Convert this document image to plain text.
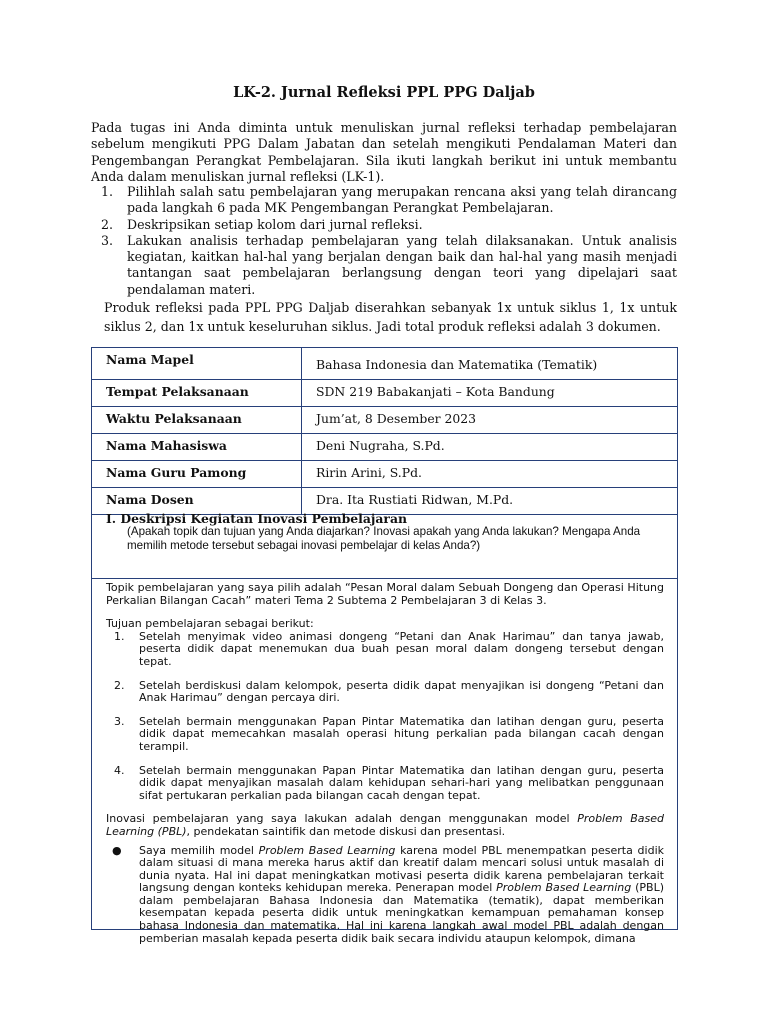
LK-2. Jurnal Refleksi PPL PPG Daljab

Pada tugas ini Anda diminta untuk menuliskan jurnal refleksi terhadap pembelajaran sebelum mengikuti PPG Dalam Jabatan dan setelah mengikuti Pendalaman Materi dan Pengembangan Perangkat Pembelajaran. Sila ikuti langkah berikut ini untuk membantu Anda dalam menuliskan jurnal refleksi (LK-1).

1. Pilihlah salah satu pembelajaran yang merupakan rencana aksi yang telah dirancang pada langkah 6 pada MK Pengembangan Perangkat Pembelajaran.
2. Deskripsikan setiap kolom dari jurnal refleksi.
3. Lakukan analisis terhadap pembelajaran yang telah dilaksanakan. Untuk analisis kegiatan, kaitkan hal-hal yang berjalan dengan baik dan hal-hal yang masih menjadi tantangan saat pembelajaran berlangsung dengan teori yang dipelajari saat pendalaman materi.

Produk refleksi pada PPL PPG Daljab diserahkan sebanyak 1x untuk siklus 1, 1x untuk siklus 2, dan 1x untuk keseluruhan siklus. Jadi total produk refleksi adalah 3 dokumen.

Nama Mapel	Bahasa Indonesia dan Matematika (Tematik)
Tempat Pelaksanaan	SDN 219 Babakanjati – Kota Bandung
Waktu Pelaksanaan	Jum’at, 8 Desember 2023
Nama Mahasiswa	Deni Nugraha, S.Pd.
Nama Guru Pamong	Ririn Arini, S.Pd.
Nama Dosen	Dra. Ita Rustiati Ridwan, M.Pd.
I. Deskripsi Kegiatan Inovasi Pembelajaran
(Apakah topik dan tujuan yang Anda diajarkan? Inovasi apakah yang Anda lakukan? Mengapa Anda memilih metode tersebut sebagai inovasi pembelajar di kelas Anda?)

Topik pembelajaran yang saya pilih adalah “Pesan Moral dalam Sebuah Dongeng dan Operasi Hitung Perkalian Bilangan Cacah” materi Tema 2 Subtema 2 Pembelajaran 3 di Kelas 3.

Tujuan pembelajaran sebagai berikut:

1. Setelah menyimak video animasi dongeng “Petani dan Anak Harimau” dan tanya jawab, peserta didik dapat menemukan dua buah pesan moral dalam dongeng tersebut dengan tepat.
2. Setelah berdiskusi dalam kelompok, peserta didik dapat menyajikan isi dongeng “Petani dan Anak Harimau” dengan percaya diri.
3. Setelah bermain menggunakan Papan Pintar Matematika dan latihan dengan guru, peserta didik dapat memecahkan masalah operasi hitung perkalian pada bilangan cacah dengan terampil.
4. Setelah bermain menggunakan Papan Pintar Matematika dan latihan dengan guru, peserta didik dapat menyajikan masalah dalam kehidupan sehari-hari yang melibatkan penggunaan sifat pertukaran perkalian pada bilangan cacah dengan tepat.

Inovasi pembelajaran yang saya lakukan adalah dengan menggunakan model Problem Based Learning (PBL), pendekatan saintifik dan metode diskusi dan presentasi.

● Saya memilih model Problem Based Learning karena model PBL menempatkan peserta didik dalam situasi di mana mereka harus aktif dan kreatif dalam mencari solusi untuk masalah di dunia nyata. Hal ini dapat meningkatkan motivasi peserta didik karena pembelajaran terkait langsung dengan konteks kehidupan mereka. Penerapan model Problem Based Learning (PBL) dalam pembelajaran Bahasa Indonesia dan Matematika (tematik), dapat memberikan kesempatan kepada peserta didik untuk meningkatkan kemampuan pemahaman konsep bahasa Indonesia dan matematika. Hal ini karena langkah awal model PBL adalah dengan pemberian masalah kepada peserta didik baik secara individu ataupun kelompok, dimana
